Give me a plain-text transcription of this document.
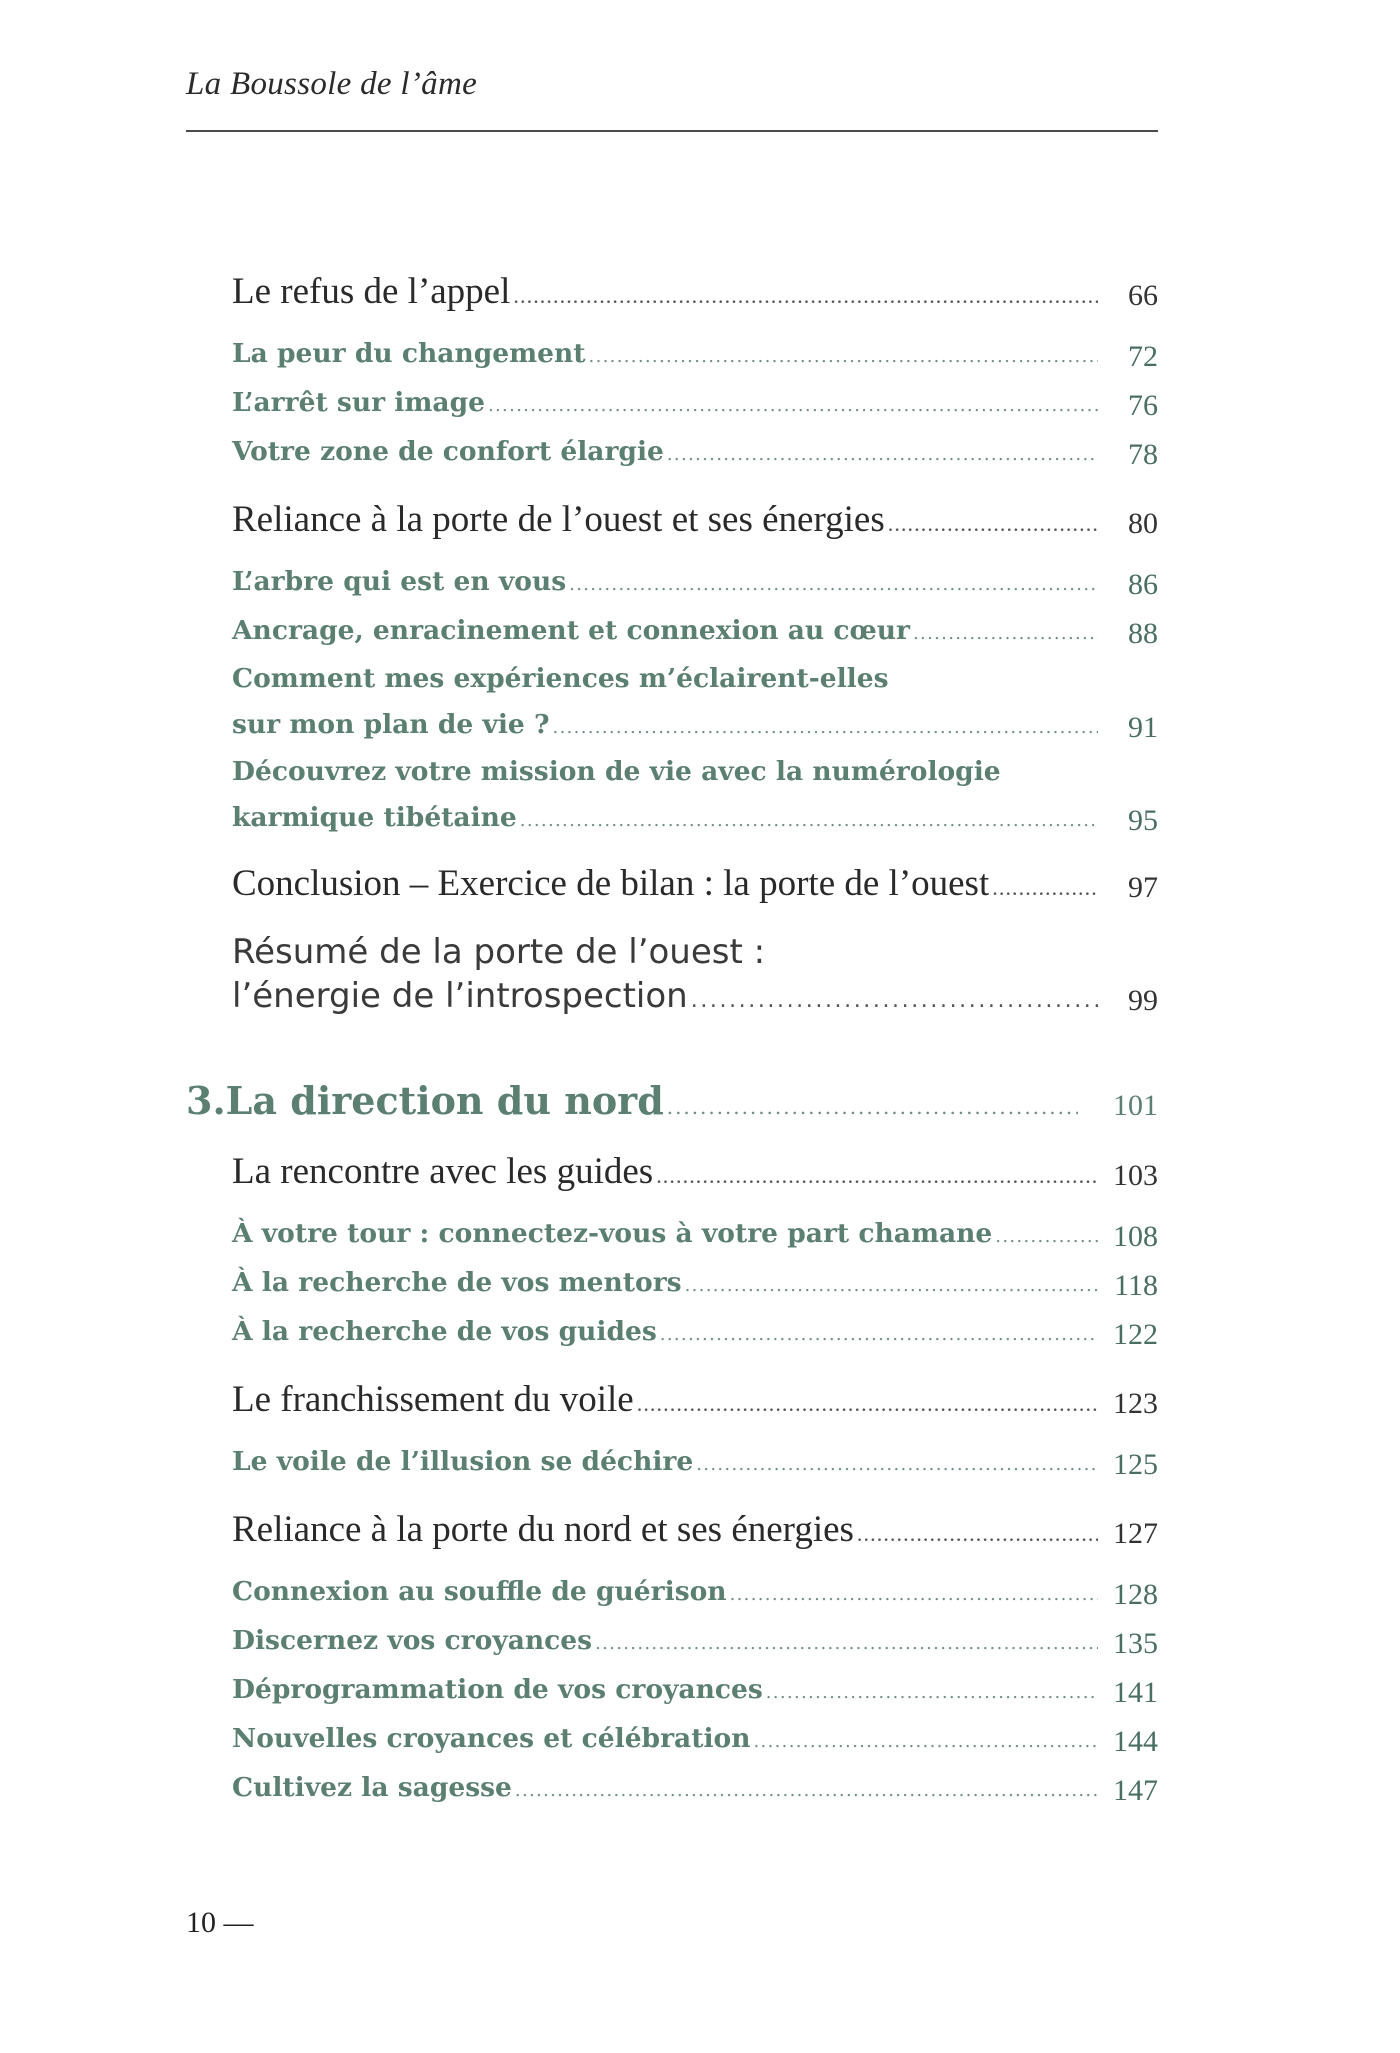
La Boussole de l’âme
Le refus de l’appel . . .	66
La peur du changement . . .	72
L’arrêt sur image . . .	76
Votre zone de confort élargie . . .	78
Reliance à la porte de l’ouest et ses énergies . . .	80
L’arbre qui est en vous . . .	86
Ancrage, enracinement et connexion au cœur . . .	88
Comment mes expériences m’éclairent-elles
sur mon plan de vie ? . . .	91
Découvrez votre mission de vie avec la numérologie
karmique tibétaine . . .	95
Conclusion – Exercice de bilan : la porte de l’ouest . . .	97
Résumé de la porte de l’ouest :
l’énergie de l’introspection . . .	99
3. La direction du nord . . .	101
La rencontre avec les guides . . .	103
À votre tour : connectez-vous à votre part chamane . . .	108
À la recherche de vos mentors . . .	118
À la recherche de vos guides . . .	122
Le franchissement du voile . . .	123
Le voile de l’illusion se déchire . . .	125
Reliance à la porte du nord et ses énergies . . .	127
Connexion au souffle de guérison . . .	128
Discernez vos croyances . . .	135
Déprogrammation de vos croyances . . .	141
Nouvelles croyances et célébration . . .	144
Cultivez la sagesse . . .	147
10 —
